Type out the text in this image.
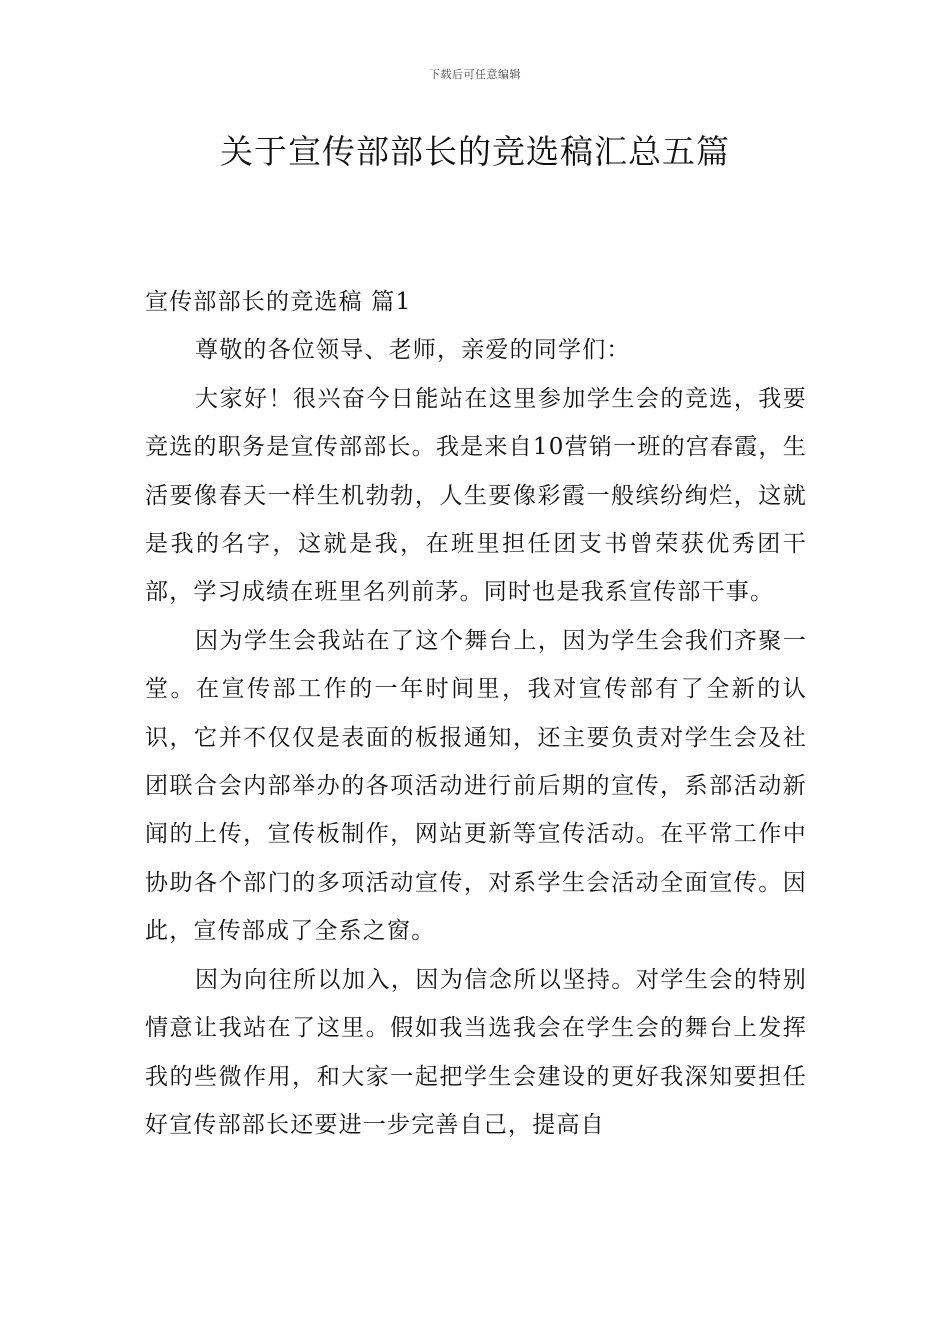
下载后可任意编辑
关于宣传部部长的竞选稿汇总五篇

宣传部部长的竞选稿 篇1

尊敬的各位领导、老师，亲爱的同学们：

大家好！很兴奋今日能站在这里参加学生会的竞选，我要竞选的职务是宣传部部长。我是来自10营销一班的宫春霞，生活要像春天一样生机勃勃，人生要像彩霞一般缤纷绚烂，这就是我的名字，这就是我，在班里担任团支书曾荣获优秀团干部，学习成绩在班里名列前茅。同时也是我系宣传部干事。

因为学生会我站在了这个舞台上，因为学生会我们齐聚一堂。在宣传部工作的一年时间里，我对宣传部有了全新的认识，它并不仅仅是表面的板报通知，还主要负责对学生会及社团联合会内部举办的各项活动进行前后期的宣传，系部活动新闻的上传，宣传板制作，网站更新等宣传活动。在平常工作中协助各个部门的多项活动宣传，对系学生会活动全面宣传。因此，宣传部成了全系之窗。

因为向往所以加入，因为信念所以坚持。对学生会的特别情意让我站在了这里。假如我当选我会在学生会的舞台上发挥我的些微作用，和大家一起把学生会建设的更好我深知要担任好宣传部部长还要进一步完善自己，提高自
